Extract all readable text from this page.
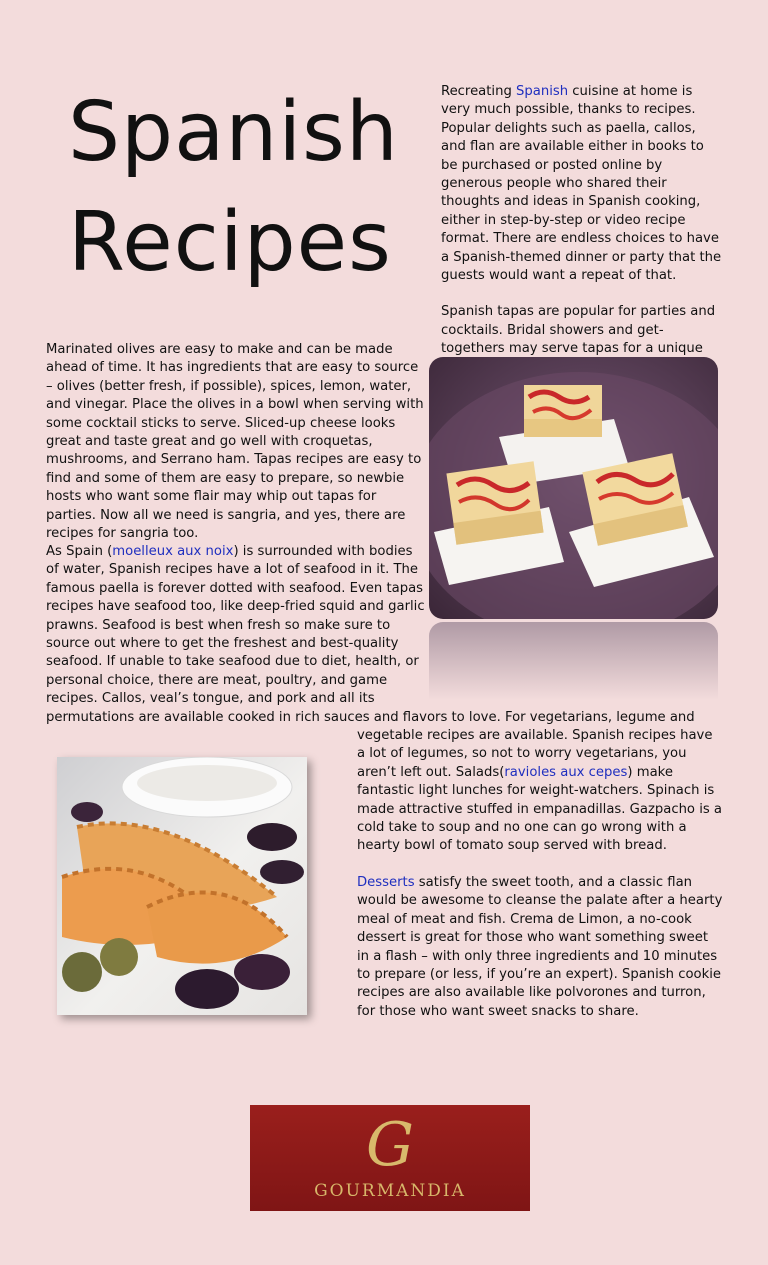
Spanish
Recipes

Recreating Spanish cuisine at home is very much possible, thanks to recipes. Popular delights such as paella, callos, and flan are available either in books to be purchased or posted online by generous people who shared their thoughts and ideas in Spanish cooking, either in step-by-step or video recipe format. There are endless choices to have a Spanish-themed dinner or party that the guests would want a repeat of that.

Spanish tapas are popular for parties and cocktails. Bridal showers and get-togethers may serve tapas for a unique

Marinated olives are easy to make and can be made ahead of time. It has ingredients that are easy to source – olives (better fresh, if possible), spices, lemon, water, and vinegar. Place the olives in a bowl when serving with some cocktail sticks to serve. Sliced-up cheese looks great and taste great and go well with croquetas, mushrooms, and Serrano ham. Tapas recipes are easy to find and some of them are easy to prepare, so newbie hosts who want some flair may whip out tapas for parties. Now all we need is sangria, and yes, there are recipes for sangria too.

As Spain (moelleux aux noix) is surrounded with bodies of water, Spanish recipes have a lot of seafood in it. The famous paella is forever dotted with seafood. Even tapas recipes have seafood too, like deep-fried squid and garlic prawns. Seafood is best when fresh so make sure to source out where to get the freshest and best-quality seafood. If unable to take seafood due to diet, health, or personal choice, there are meat, poultry, and game recipes. Callos, veal’s tongue, and pork and all its

permutations are available cooked in rich sauces and flavors to love. For vegetarians, legume and

vegetable recipes are available. Spanish recipes have a lot of legumes, so not to worry vegetarians, you aren’t left out. Salads(ravioles aux cepes) make fantastic light lunches for weight-watchers. Spinach is made attractive stuffed in empanadillas. Gazpacho is a cold take to soup and no one can go wrong with a hearty bowl of tomato soup served with bread.

Desserts satisfy the sweet tooth, and a classic flan would be awesome to cleanse the palate after a hearty meal of meat and fish. Crema de Limon, a no-cook dessert is great for those who want something sweet in a flash – with only three ingredients and 10 minutes to prepare (or less, if you’re an expert). Spanish cookie recipes are also available like polvorones and turron, for those who want sweet snacks to share.

G
GOURMANDIA
